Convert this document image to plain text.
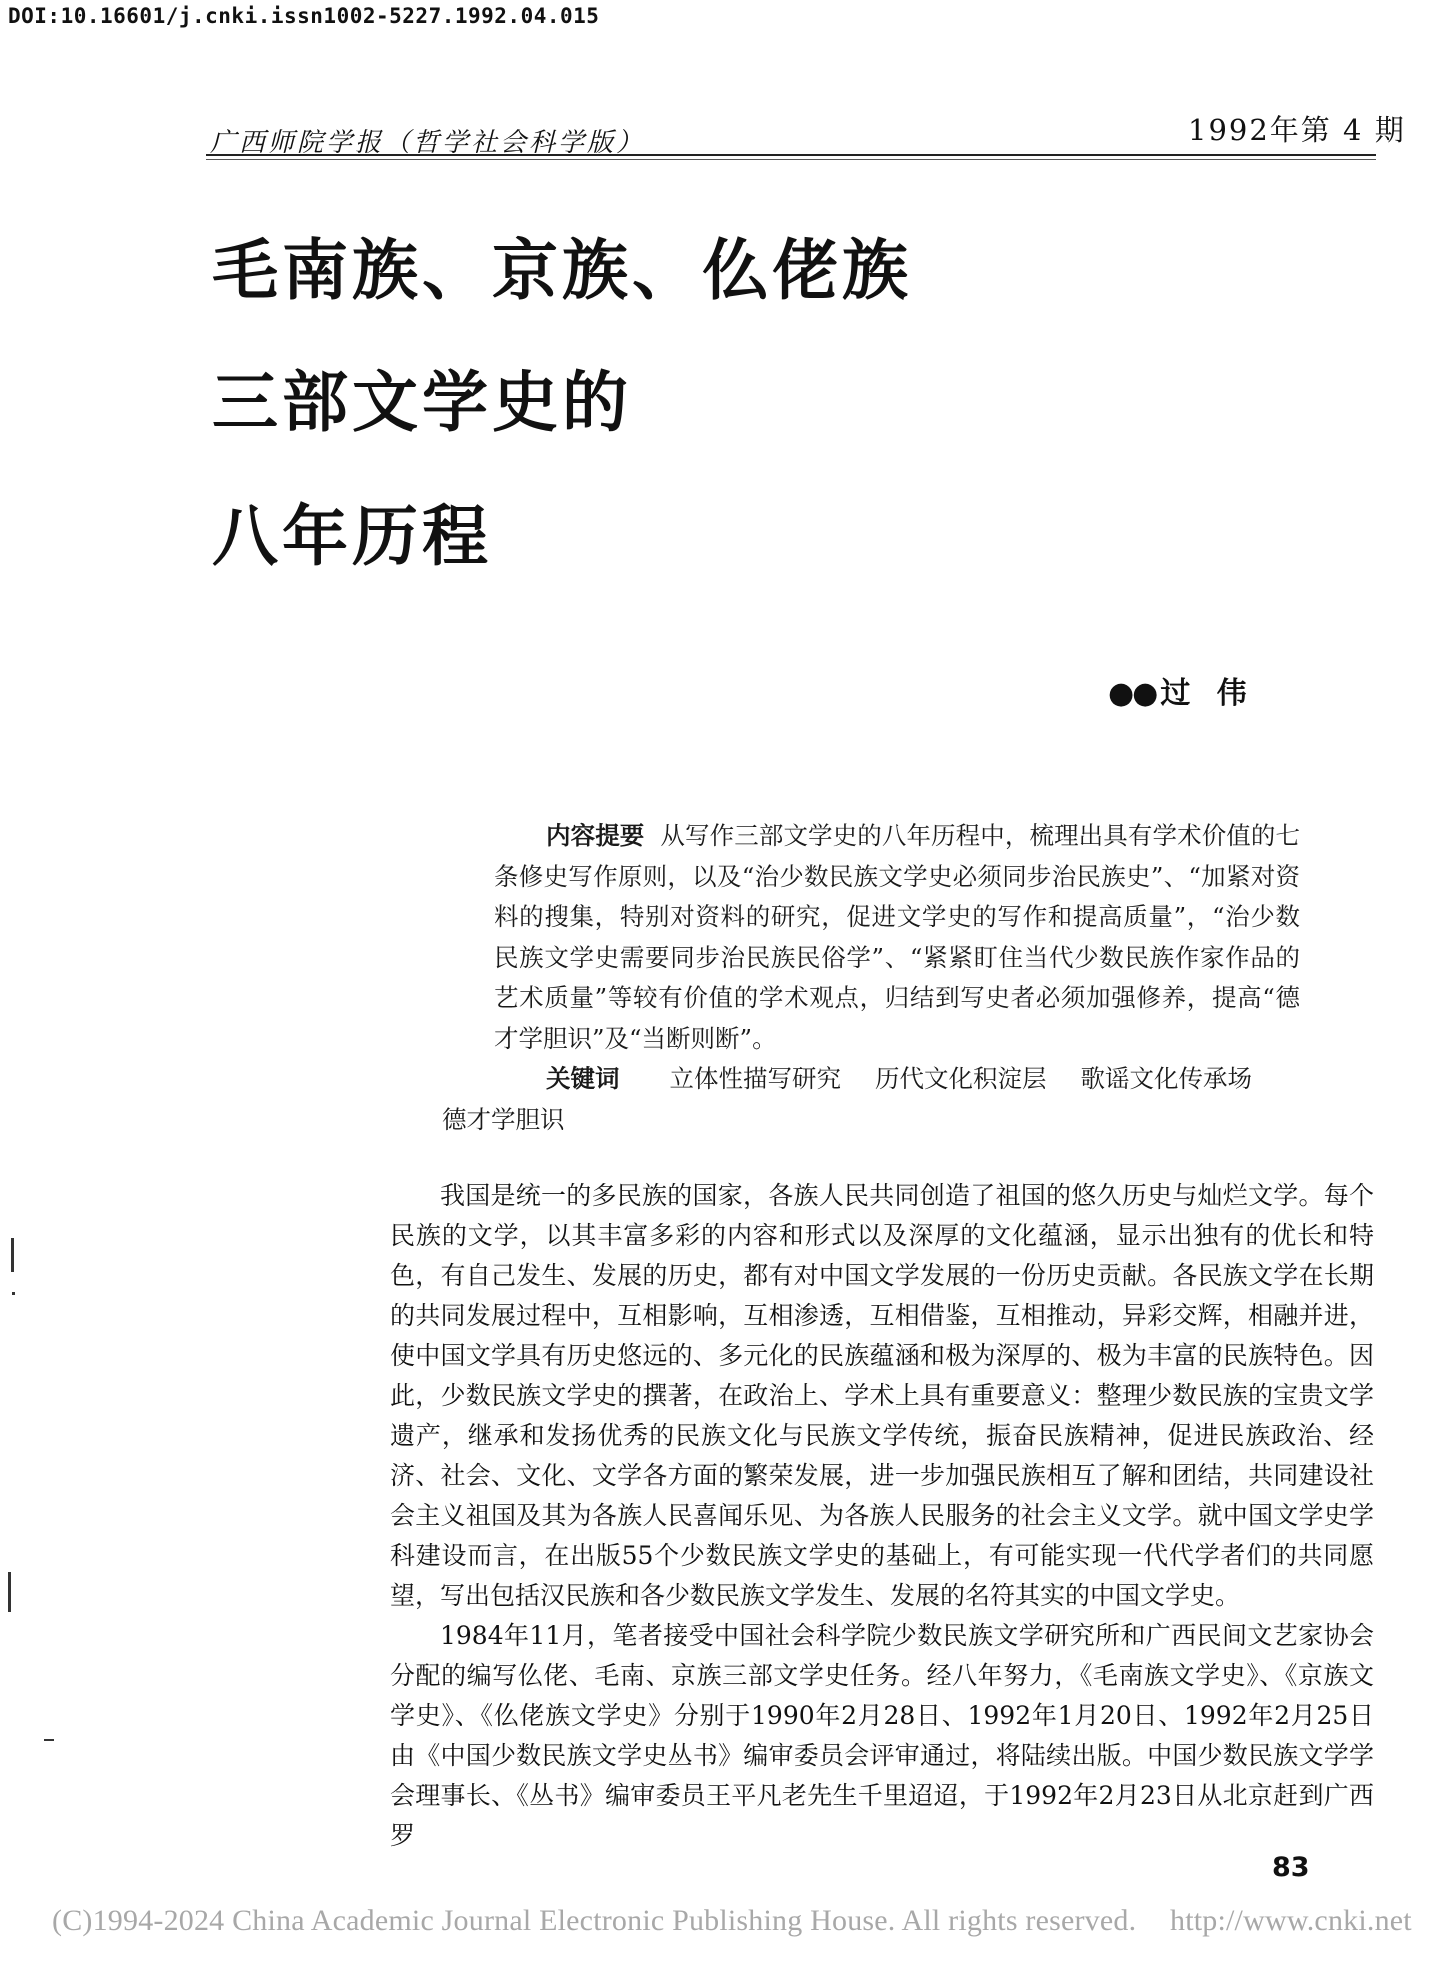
DOI:10.16601/j.cnki.issn1002-5227.1992.04.015
广西师院学报（哲学社会科学版）	1992年第 4 期
毛南族、京族、仫佬族
三部文学史的
八年历程
●● 过 伟

内容提要 从写作三部文学史的八年历程中，梳理出具有学术价值的七条修史写作原则，以及“治少数民族文学史必须同步治民族史”、“加紧对资料的搜集，特别对资料的研究，促进文学史的写作和提高质量”，“治少数民族文学史需要同步治民族民俗学”、“紧紧盯住当代少数民族作家作品的艺术质量”等较有价值的学术观点，归结到写史者必须加强修养，提高“德才学胆识”及“当断则断”。

关键词 立体性描写研究 历代文化积淀层 歌谣文化传承场
德才学胆识

我国是统一的多民族的国家，各族人民共同创造了祖国的悠久历史与灿烂文学。每个民族的文学，以其丰富多彩的内容和形式以及深厚的文化蕴涵，显示出独有的优长和特色，有自己发生、发展的历史，都有对中国文学发展的一份历史贡献。各民族文学在长期的共同发展过程中，互相影响，互相渗透，互相借鉴，互相推动，异彩交辉，相融并进，使中国文学具有历史悠远的、多元化的民族蕴涵和极为深厚的、极为丰富的民族特色。因此，少数民族文学史的撰著，在政治上、学术上具有重要意义：整理少数民族的宝贵文学遗产，继承和发扬优秀的民族文化与民族文学传统，振奋民族精神，促进民族政治、经济、社会、文化、文学各方面的繁荣发展，进一步加强民族相互了解和团结，共同建设社会主义祖国及其为各族人民喜闻乐见、为各族人民服务的社会主义文学。就中国文学史学科建设而言，在出版55个少数民族文学史的基础上，有可能实现一代代学者们的共同愿望，写出包括汉民族和各少数民族文学发生、发展的名符其实的中国文学史。

1984年11月，笔者接受中国社会科学院少数民族文学研究所和广西民间文艺家协会分配的编写仫佬、毛南、京族三部文学史任务。经八年努力，《毛南族文学史》、《京族文学史》、《仫佬族文学史》分别于1990年2月28日、1992年1月20日、1992年2月25日由《中国少数民族文学史丛书》编审委员会评审通过，将陆续出版。中国少数民族文学学会理事长、《丛书》编审委员王平凡老先生千里迢迢，于1992年2月23日从北京赶到广西罗

83
(C)1994-2024 China Academic Journal Electronic Publishing House. All rights reserved. http://www.cnki.net
